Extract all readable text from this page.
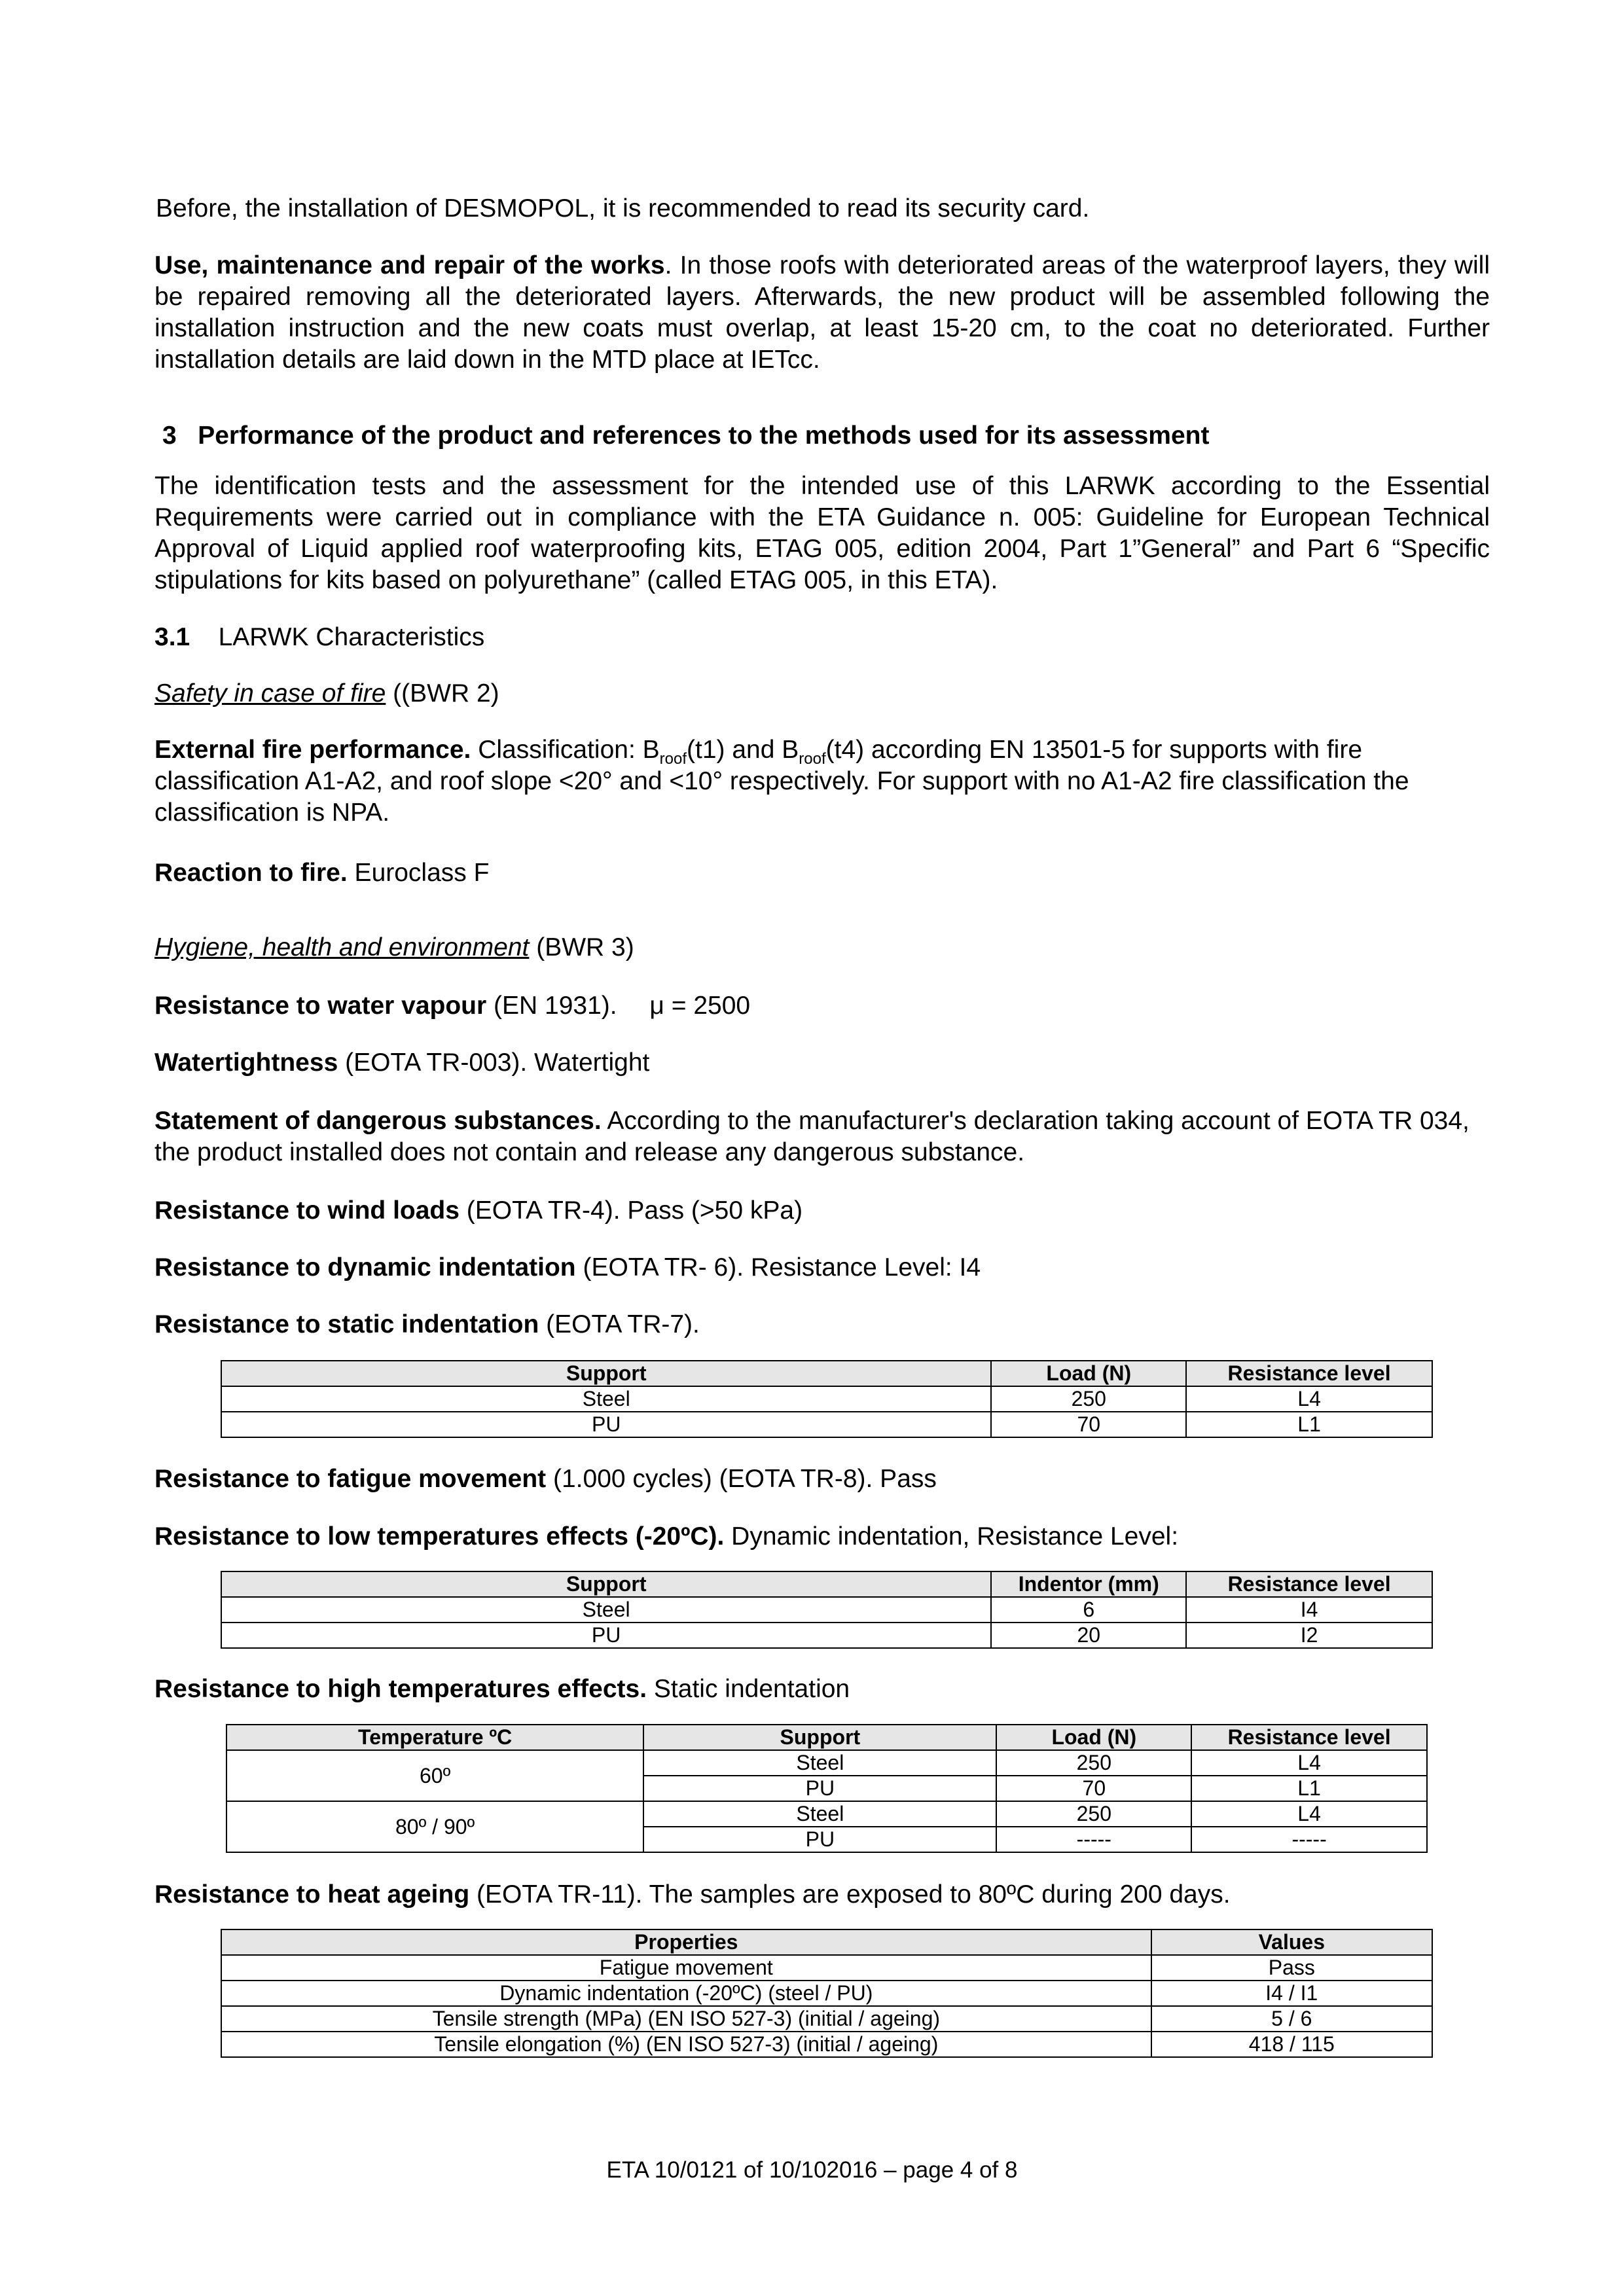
Before, the installation of DESMOPOL, it is recommended to read its security card.

Use, maintenance and repair of the works. In those roofs with deteriorated areas of the waterproof layers, they will be repaired removing all the deteriorated layers. Afterwards, the new product will be assembled following the installation instruction and the new coats must overlap, at least 15-20 cm, to the coat no deteriorated. Further installation details are laid down in the MTD place at IETcc.

3 Performance of the product and references to the methods used for its assessment

The identification tests and the assessment for the intended use of this LARWK according to the Essential Requirements were carried out in compliance with the ETA Guidance n. 005: Guideline for European Technical Approval of Liquid applied roof waterproofing kits, ETAG 005, edition 2004, Part 1”General” and Part 6 “Specific stipulations for kits based on polyurethane” (called ETAG 005, in this ETA).

3.1 LARWK Characteristics

Safety in case of fire ((BWR 2)

External fire performance. Classification: $B_{roof}(t1)$ and $B_{roof}(t4)$ according EN 13501-5 for supports with fire classification A1-A2, and roof slope <20° and <10° respectively. For support with no A1-A2 fire classification the classification is NPA.

Reaction to fire. Euroclass F

Hygiene, health and environment (BWR 3)

Resistance to water vapour (EN 1931).  μ = 2500

Watertightness (EOTA TR-003). Watertight

Statement of dangerous substances. According to the manufacturer's declaration taking account of EOTA TR 034, the product installed does not contain and release any dangerous substance.

Resistance to wind loads (EOTA TR-4). Pass (>50 kPa)

Resistance to dynamic indentation (EOTA TR- 6). Resistance Level: I4

Resistance to static indentation (EOTA TR-7).

Support	Load (N)	Resistance level
Steel	250	L4
PU	70	L1

Resistance to fatigue movement (1.000 cycles) (EOTA TR-8). Pass

Resistance to low temperatures effects (-20ºC). Dynamic indentation, Resistance Level:

Support	Indentor (mm)	Resistance level
Steel	6	I4
PU	20	I2

Resistance to high temperatures effects. Static indentation

Temperature ºC	Support	Load (N)	Resistance level
60º	Steel	250	L4
	PU	70	L1
80º / 90º	Steel	250	L4
	PU	-----	-----

Resistance to heat ageing (EOTA TR-11). The samples are exposed to 80ºC during 200 days.

Properties	Values
Fatigue movement	Pass
Dynamic indentation (-20ºC) (steel / PU)	I4 / I1
Tensile strength (MPa) (EN ISO 527-3) (initial / ageing)	5 / 6
Tensile elongation (%) (EN ISO 527-3) (initial / ageing)	418 / 115
ETA 10/0121 of 10/102016 – page 4 of 8
